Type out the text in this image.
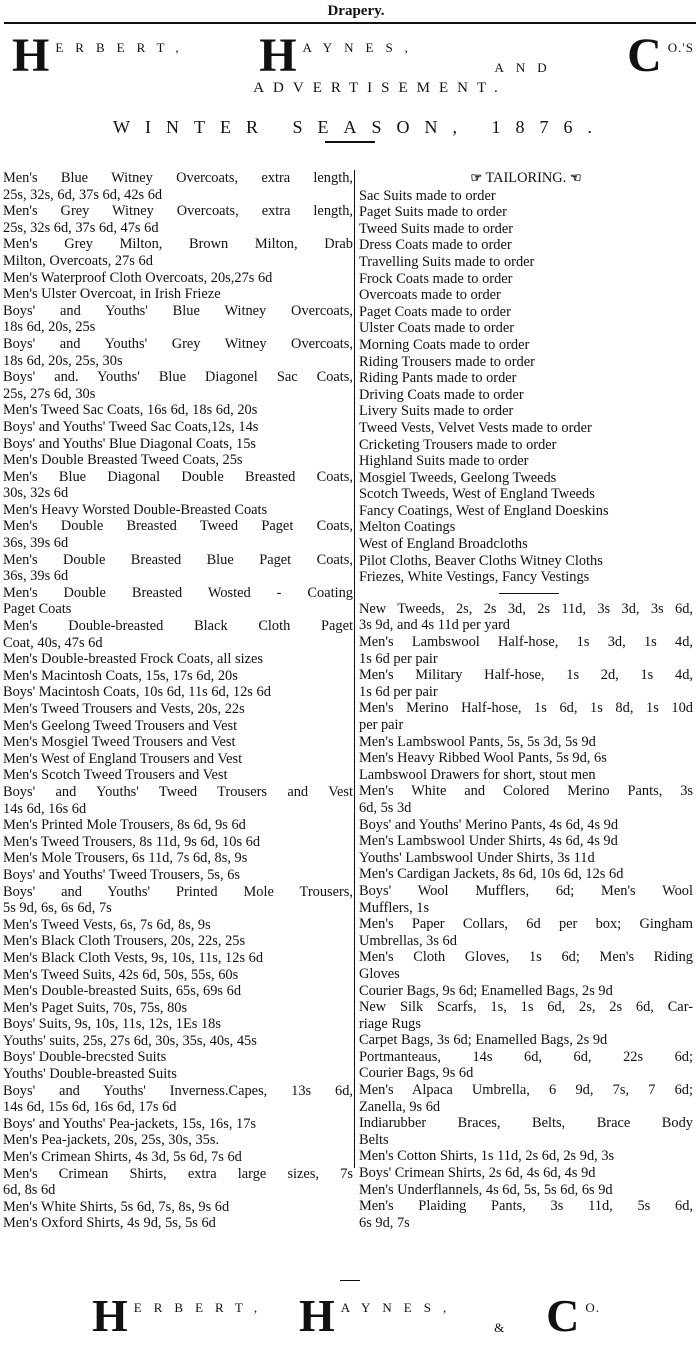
Drapery.
H ERBERT, H AYNES,
AND C O.'S
ADVERTISEMENT.
WINTER SEASON, 1876.
Men's Blue Witney Overcoats, extra length,
25s, 32s, 6d, 37s 6d, 42s 6d
Men's Grey Witney Overcoats, extra length,
25s, 32s 6d, 37s 6d, 47s 6d
Men's Grey Milton, Brown Milton, Drab
Milton, Overcoats, 27s 6d
Men's Waterproof Cloth Overcoats, 20s,27s 6d
Men's Ulster Overcoat, in Irish Frieze
Boys' and Youths' Blue Witney Overcoats,
18s 6d, 20s, 25s
Boys' and Youths' Grey Witney Overcoats,
18s 6d, 20s, 25s, 30s
Boys' and. Youths' Blue Diagonel Sac Coats,
25s, 27s 6d, 30s
Men's Tweed Sac Coats, 16s 6d, 18s 6d, 20s
Boys' and Youths' Tweed Sac Coats,12s, 14s
Boys' and Youths' Blue Diagonal Coats, 15s
Men's Double Breasted Tweed Coats, 25s
Men's Blue Diagonal Double Breasted Coats,
30s, 32s 6d
Men's Heavy Worsted Double-Breasted Coats
Men's Double Breasted Tweed Paget Coats,
36s, 39s 6d
Men's Double Breasted Blue Paget Coats,
36s, 39s 6d
Men's Double Breasted Wosted - Coating
Paget Coats
Men's Double-breasted Black Cloth Paget
Coat, 40s, 47s 6d
Men's Double-breasted Frock Coats, all sizes
Men's Macintosh Coats, 15s, 17s 6d, 20s
Boys' Macintosh Coats, 10s 6d, 11s 6d, 12s 6d
Men's Tweed Trousers and Vests, 20s, 22s
Men's Geelong Tweed Trousers and Vest
Men's Mosgiel Tweed Trousers and Vest
Men's West of England Trousers and Vest
Men's Scotch Tweed Trousers and Vest
Boys' and Youths' Tweed Trousers and Vest
14s 6d, 16s 6d
Men's Printed Mole Trousers, 8s 6d, 9s 6d
Men's Tweed Trousers, 8s 11d, 9s 6d, 10s 6d
Men's Mole Trousers, 6s 11d, 7s 6d, 8s, 9s
Boys' and Youths' Tweed Trousers, 5s, 6s
Boys' and Youths' Printed Mole Trousers,
5s 9d, 6s, 6s 6d, 7s
Men's Tweed Vests, 6s, 7s 6d, 8s, 9s
Men's Black Cloth Trousers, 20s, 22s, 25s
Men's Black Cloth Vests, 9s, 10s, 11s, 12s 6d
Men's Tweed Suits, 42s 6d, 50s, 55s, 60s
Men's Double-breasted Suits, 65s, 69s 6d
Men's Paget Suits, 70s, 75s, 80s
Boys' Suits, 9s, 10s, 11s, 12s, 1Es 18s
Youths' suits, 25s, 27s 6d, 30s, 35s, 40s, 45s
Boys' Double-brecsted Suits
Youths' Double-breasted Suits
Boys' and Youths' Inverness.Capes, 13s 6d,
14s 6d, 15s 6d, 16s 6d, 17s 6d
Boys' and Youths' Pea-jackets, 15s, 16s, 17s
Men's Pea-jackets, 20s, 25s, 30s, 35s.
Men's Crimean Shirts, 4s 3d, 5s 6d, 7s 6d
Men's Crimean Shirts, extra large sizes, 7s
6d, 8s 6d
Men's White Shirts, 5s 6d, 7s, 8s, 9s 6d
Men's Oxford Shirts, 4s 9d, 5s, 5s 6d
☞ TAILORING. ☜
Sac Suits made to order
Paget Suits made to order
Tweed Suits made to order
Dress Coats made to order
Travelling Suits made to order
Frock Coats made to order
Overcoats made to order
Paget Coats made to order
Ulster Coats made to order
Morning Coats made to order
Riding Trousers made to order
Riding Pants made to order
Driving Coats made to order
Livery Suits made to order
Tweed Vests, Velvet Vests made to order
Cricketing Trousers made to order
Highland Suits made to order
Mosgiel Tweeds, Geelong Tweeds
Scotch Tweeds, West of England Tweeds
Fancy Coatings, West of England Doeskins
Melton Coatings
West of England Broadcloths
Pilot Cloths, Beaver Cloths Witney Cloths
Friezes, White Vestings, Fancy Vestings
New Tweeds, 2s, 2s 3d, 2s 11d, 3s 3d, 3s 6d,
3s 9d, and 4s 11d per yard
Men's Lambswool Half-hose, 1s 3d, 1s 4d,
1s 6d per pair
Men's Military Half-hose, 1s 2d, 1s 4d,
1s 6d per pair
Men's Merino Half-hose, 1s 6d, 1s 8d, 1s 10d
per pair
Men's Lambswool Pants, 5s, 5s 3d, 5s 9d
Men's Heavy Ribbed Wool Pants, 5s 9d, 6s
Lambswool Drawers for short, stout men
Men's White and Colored Merino Pants, 3s
6d, 5s 3d
Boys' and Youths' Merino Pants, 4s 6d, 4s 9d
Men's Lambswool Under Shirts, 4s 6d, 4s 9d
Youths' Lambswool Under Shirts, 3s 11d
Men's Cardigan Jackets, 8s 6d, 10s 6d, 12s 6d
Boys' Wool Mufflers, 6d; Men's Wool
Mufflers, 1s
Men's Paper Collars, 6d per box; Gingham
Umbrellas, 3s 6d
Men's Cloth Gloves, 1s 6d; Men's Riding
Gloves
Courier Bags, 9s 6d; Enamelled Bags, 2s 9d
New Silk Scarfs, 1s, 1s 6d, 2s, 2s 6d, Car-
riage Rugs
Carpet Bags, 3s 6d; Enamelled Bags, 2s 9d
Portmanteaus, 14s 6d, 6d, 22s 6d;
Courier Bags, 9s 6d
Men's Alpaca Umbrella, 6 9d, 7s, 7 6d;
Zanella, 9s 6d
Indiarubber Braces, Belts, Brace Body
Belts
Men's Cotton Shirts, 1s 11d, 2s 6d, 2s 9d, 3s
Boys' Crimean Shirts, 2s 6d, 4s 6d, 4s 9d
Men's Underflannels, 4s 6d, 5s, 5s 6d, 6s 9d
Men's Plaiding Pants, 3s 11d, 5s 6d,
6s 9d, 7s
H ERBERT, H AYNES,
& C O.
